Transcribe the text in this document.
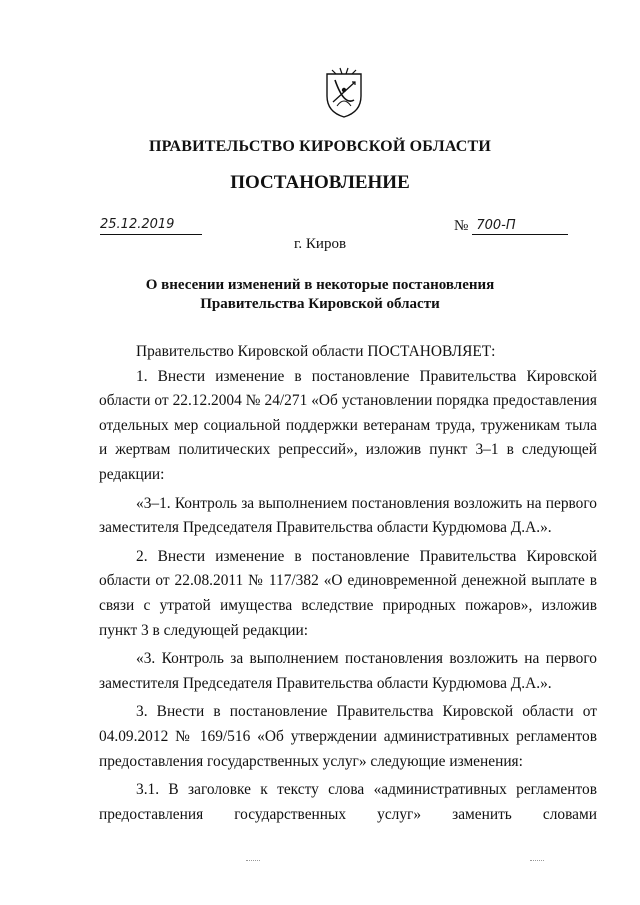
ПРАВИТЕЛЬСТВО КИРОВСКОЙ ОБЛАСТИ
ПОСТАНОВЛЕНИЕ
25.12.2019	№ 700-П
г. Киров
О внесении изменений в некоторые постановления
Правительства Кировской области

Правительство Кировской области ПОСТАНОВЛЯЕТ:

1. Внести изменение в постановление Правительства Кировской области от 22.12.2004 № 24/271 «Об установлении порядка предоставления отдельных мер социальной поддержки ветеранам труда, труженикам тыла и жертвам политических репрессий», изложив пункт 3–1 в следующей редакции:

«3–1. Контроль за выполнением постановления возложить на первого заместителя Председателя Правительства области Курдюмова Д.А.».

2. Внести изменение в постановление Правительства Кировской области от 22.08.2011 № 117/382 «О единовременной денежной выплате в связи с утратой имущества вследствие природных пожаров», изложив пункт 3 в следующей редакции:

«3. Контроль за выполнением постановления возложить на первого заместителя Председателя Правительства области Курдюмова Д.А.».

3. Внести в постановление Правительства Кировской области от 04.09.2012 № 169/516 «Об утверждении административных регламентов предоставления государственных услуг» следующие изменения:

3.1. В заголовке к тексту слова «административных регламентов предоставления государственных услуг» заменить словами
